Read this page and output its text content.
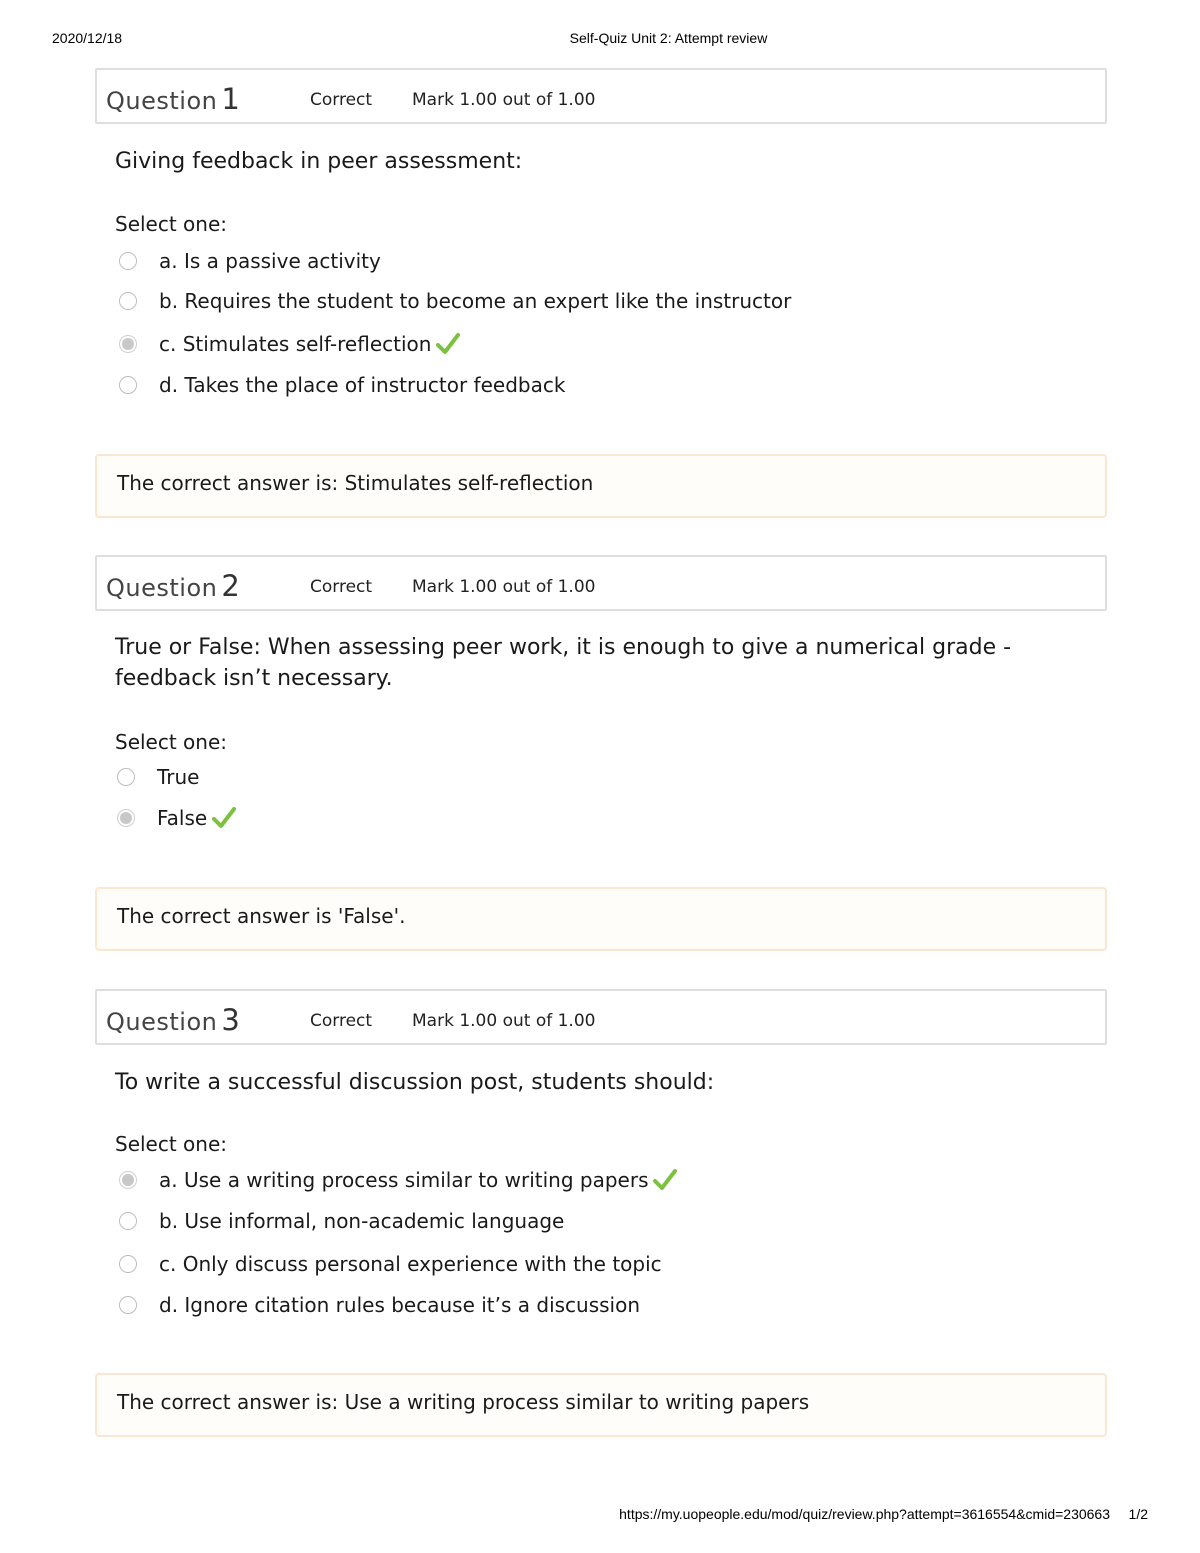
2020/12/18	Self-Quiz Unit 2: Attempt review
Question 1	Correct Mark 1.00 out of 1.00
Giving feedback in peer assessment:
Select one:
a. Is a passive activity
b. Requires the student to become an expert like the instructor
c. Stimulates self-reflection
d. Takes the place of instructor feedback
The correct answer is: Stimulates self-reflection
Question 2	Correct Mark 1.00 out of 1.00
True or False: When assessing peer work, it is enough to give a numerical grade -
feedback isn’t necessary.
Select one:
True
False
The correct answer is 'False'.
Question 3	Correct Mark 1.00 out of 1.00
To write a successful discussion post, students should:
Select one:
a. Use a writing process similar to writing papers
b. Use informal, non-academic language
c. Only discuss personal experience with the topic
d. Ignore citation rules because it’s a discussion
The correct answer is: Use a writing process similar to writing papers
https://my.uopeople.edu/mod/quiz/review.php?attempt=3616554&cmid=230663 1/2
